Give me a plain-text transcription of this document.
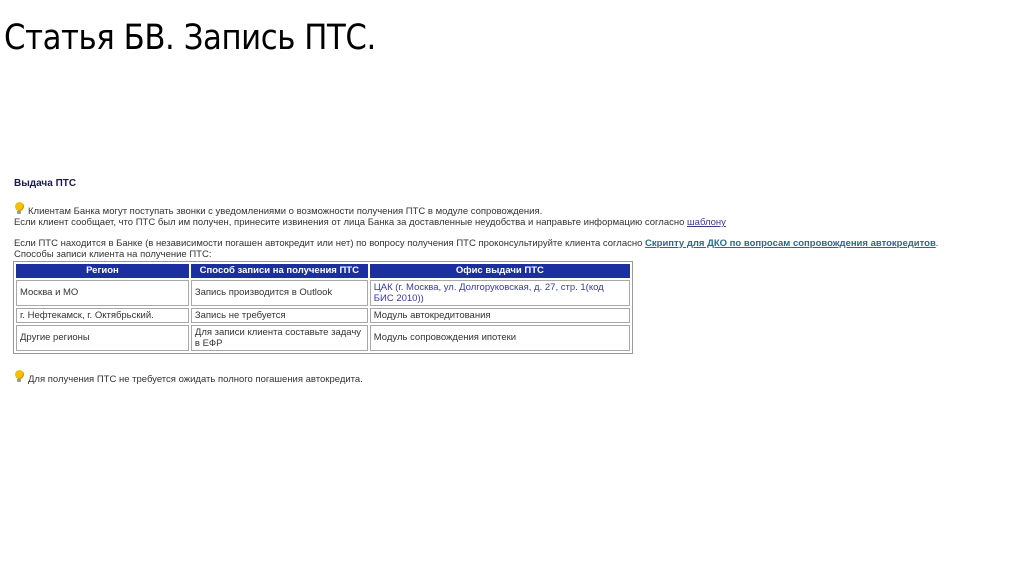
Статья БВ. Запись ПТС.
Выдача ПТС
Клиентам Банка могут поступать звонки с уведомлениями о возможности получения ПТС в модуле сопровождения.
Если клиент сообщает, что ПТС был им получен, принесите извинения от лица Банка за доставленные неудобства и направьте информацию согласно шаблону
Если ПТС находится в Банке (в независимости погашен автокредит или нет) по вопросу получения ПТС проконсультируйте клиента согласно Скрипту для ДКО по вопросам сопровождения автокредитов.
Способы записи клиента на получение ПТС:
Регион	Способ записи на получения ПТС	Офис выдачи ПТС
Москва и МО	Запись производится в Outlook	ЦАК (г. Москва, ул. Долгоруковская, д. 27, стр. 1(код БИС 2010))
г. Нефтекамск, г. Октябрьский.	Запись не требуется	Модуль автокредитования
Другие регионы	Для записи клиента составьте задачу в ЕФР	Модуль сопровождения ипотеки
Для получения ПТС не требуется ожидать полного погашения автокредита.
